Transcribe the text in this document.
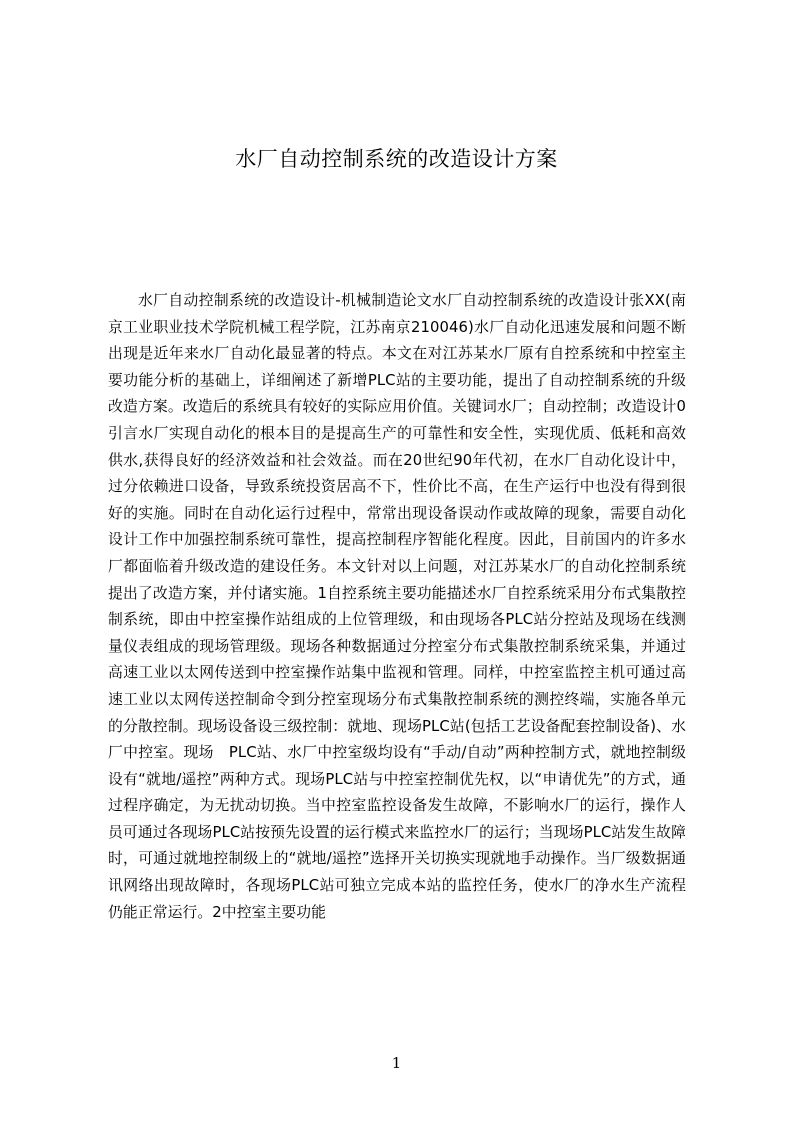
水厂自动控制系统的改造设计方案

水厂自动控制系统的改造设计-机械制造论文水厂自动控制系统的改造设计张XX(南京工业职业技术学院机械工程学院，江苏南京210046)水厂自动化迅速发展和问题不断出现是近年来水厂自动化最显著的特点。本文在对江苏某水厂原有自控系统和中控室主要功能分析的基础上，详细阐述了新增PLC站的主要功能，提出了自动控制系统的升级改造方案。改造后的系统具有较好的实际应用价值。关键词水厂；自动控制；改造设计0引言水厂实现自动化的根本目的是提高生产的可靠性和安全性，实现优质、低耗和高效供水,获得良好的经济效益和社会效益。而在20世纪90年代初，在水厂自动化设计中，过分依赖进口设备，导致系统投资居高不下，性价比不高，在生产运行中也没有得到很好的实施。同时在自动化运行过程中，常常出现设备误动作或故障的现象，需要自动化设计工作中加强控制系统可靠性，提高控制程序智能化程度。因此，目前国内的许多水厂都面临着升级改造的建设任务。本文针对以上问题，对江苏某水厂的自动化控制系统提出了改造方案，并付诸实施。1自控系统主要功能描述水厂自控系统采用分布式集散控制系统，即由中控室操作站组成的上位管理级，和由现场各PLC站分控站及现场在线测量仪表组成的现场管理级。现场各种数据通过分控室分布式集散控制系统采集，并通过高速工业以太网传送到中控室操作站集中监视和管理。同样，中控室监控主机可通过高速工业以太网传送控制命令到分控室现场分布式集散控制系统的测控终端，实施各单元的分散控制。现场设备设三级控制：就地、现场PLC站(包括工艺设备配套控制设备)、水厂中控室。现场　PLC站、水厂中控室级均设有“手动/自动”两种控制方式，就地控制级设有“就地/遥控”两种方式。现场PLC站与中控室控制优先权，以“申请优先”的方式，通过程序确定，为无扰动切换。当中控室监控设备发生故障，不影响水厂的运行，操作人员可通过各现场PLC站按预先设置的运行模式来监控水厂的运行；当现场PLC站发生故障时，可通过就地控制级上的“就地/遥控”选择开关切换实现就地手动操作。当厂级数据通讯网络出现故障时，各现场PLC站可独立完成本站的监控任务，使水厂的净水生产流程仍能正常运行。2中控室主要功能

1
